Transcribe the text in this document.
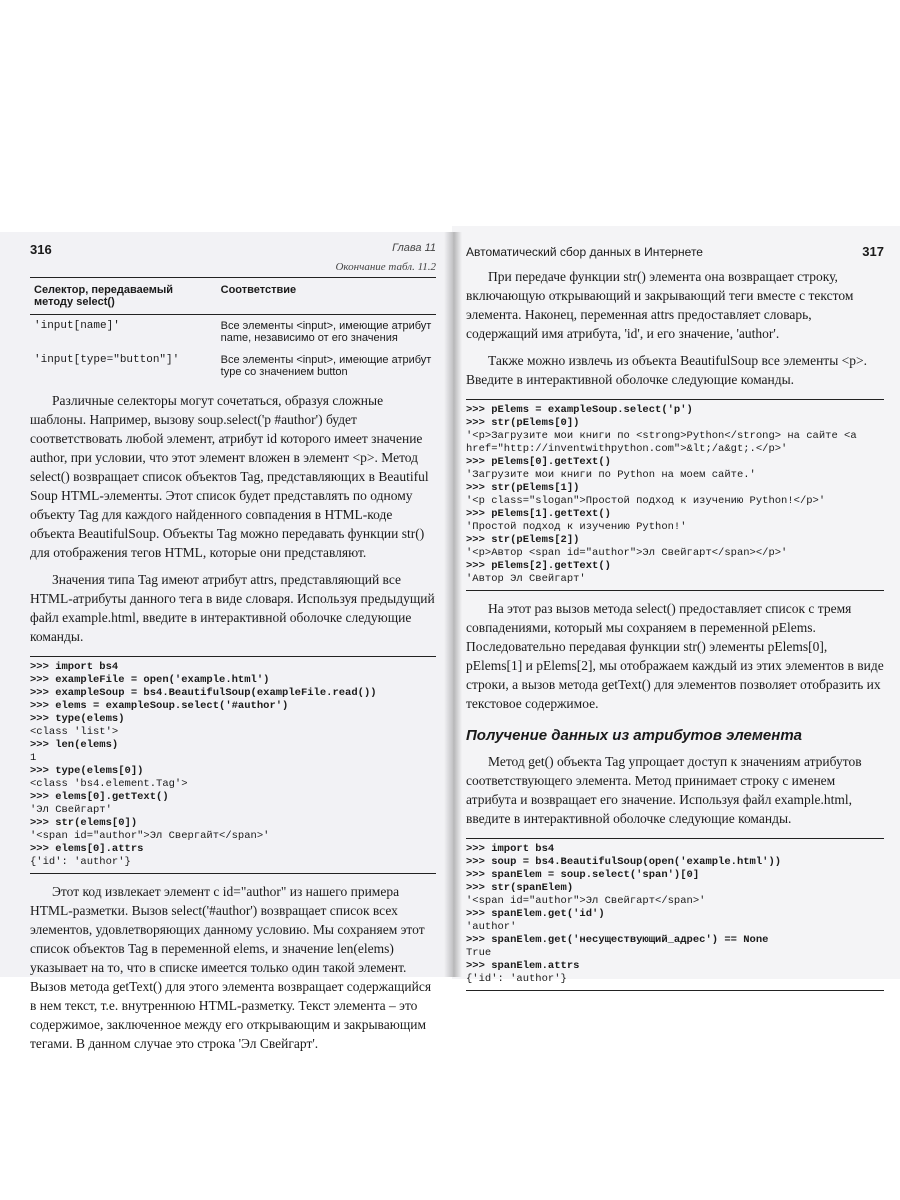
316	Глава 11
Окончание табл. 11.2
Селектор, передаваемый методу select()	Соответствие
'input[name]'	Все элементы <input>, имеющие атрибут name, независимо от его значения
'input[type="button"]'	Все элементы <input>, имеющие атрибут type со значением button

Различные селекторы могут сочетаться, образуя сложные шаблоны. Например, вызову soup.select('p #author') будет соответствовать любой элемент, атрибут id которого имеет значение author, при условии, что этот элемент вложен в элемент <p>. Метод select() возвращает список объектов Tag, представляющих в Beautiful Soup HTML-элементы. Этот список будет представлять по одному объекту Tag для каждого найденного совпадения в HTML-коде объекта BeautifulSoup. Объекты Tag можно передавать функции str() для отображения тегов HTML, которые они представляют.

Значения типа Tag имеют атрибут attrs, представляющий все HTML-атрибуты данного тега в виде словаря. Используя предыдущий файл example.html, введите в интерактивной оболочке следующие команды.

>>> import bs4
>>> exampleFile = open('example.html')
>>> exampleSoup = bs4.BeautifulSoup(exampleFile.read())
>>> elems = exampleSoup.select('#author')
>>> type(elems)
<class 'list'>
>>> len(elems)
1
>>> type(elems[0])
<class 'bs4.element.Tag'>
>>> elems[0].getText()
'Эл Свейгарт'
>>> str(elems[0])
'<span id="author">Эл Свергайт</span>'
>>> elems[0].attrs
{'id': 'author'}

Этот код извлекает элемент с id="author" из нашего примера HTML-разметки. Вызов select('#author') возвращает список всех элементов, удовлетворяющих данному условию. Мы сохраняем этот список объектов Tag в переменной elems, и значение len(elems) указывает на то, что в списке имеется только один такой элемент. Вызов метода getText() для этого элемента возвращает содержащийся в нем текст, т.е. внутреннюю HTML-разметку. Текст элемента – это содержимое, заключенное между его открывающим и закрывающим тегами. В данном случае это строка 'Эл Свейгарт'.

Автоматический сбор данных в Интернете	317

При передаче функции str() элемента она возвращает строку, включающую открывающий и закрывающий теги вместе с текстом элемента. Наконец, переменная attrs предоставляет словарь, содержащий имя атрибута, 'id', и его значение, 'author'.

Также можно извлечь из объекта BeautifulSoup все элементы <p>. Введите в интерактивной оболочке следующие команды.

>>> pElems = exampleSoup.select('p')
>>> str(pElems[0])
'<p>Загрузите мои книги по <strong>Python</strong> на сайте <a
href="http://inventwithpython.com">&lt;/a&gt;.</p>'
>>> pElems[0].getText()
'Загрузите мои книги по Python на моем сайте.'
>>> str(pElems[1])
'<p class="slogan">Простой подход к изучению Python!</p>'
>>> pElems[1].getText()
'Простой подход к изучению Python!'
>>> str(pElems[2])
'<p>Автор <span id="author">Эл Свейгарт</span></p>'
>>> pElems[2].getText()
'Автор Эл Свейгарт'

На этот раз вызов метода select() предоставляет список с тремя совпадениями, который мы сохраняем в переменной pElems. Последовательно передавая функции str() элементы pElems[0], pElems[1] и pElems[2], мы отображаем каждый из этих элементов в виде строки, а вызов метода getText() для элементов позволяет отобразить их текстовое содержимое.

Получение данных из атрибутов элемента

Метод get() объекта Tag упрощает доступ к значениям атрибутов соответствующего элемента. Метод принимает строку с именем атрибута и возвращает его значение. Используя файл example.html, введите в интерактивной оболочке следующие команды.

>>> import bs4
>>> soup = bs4.BeautifulSoup(open('example.html'))
>>> spanElem = soup.select('span')[0]
>>> str(spanElem)
'<span id="author">Эл Свейгарт</span>'
>>> spanElem.get('id')
'author'
>>> spanElem.get('несуществующий_адрес') == None
True
>>> spanElem.attrs
{'id': 'author'}
